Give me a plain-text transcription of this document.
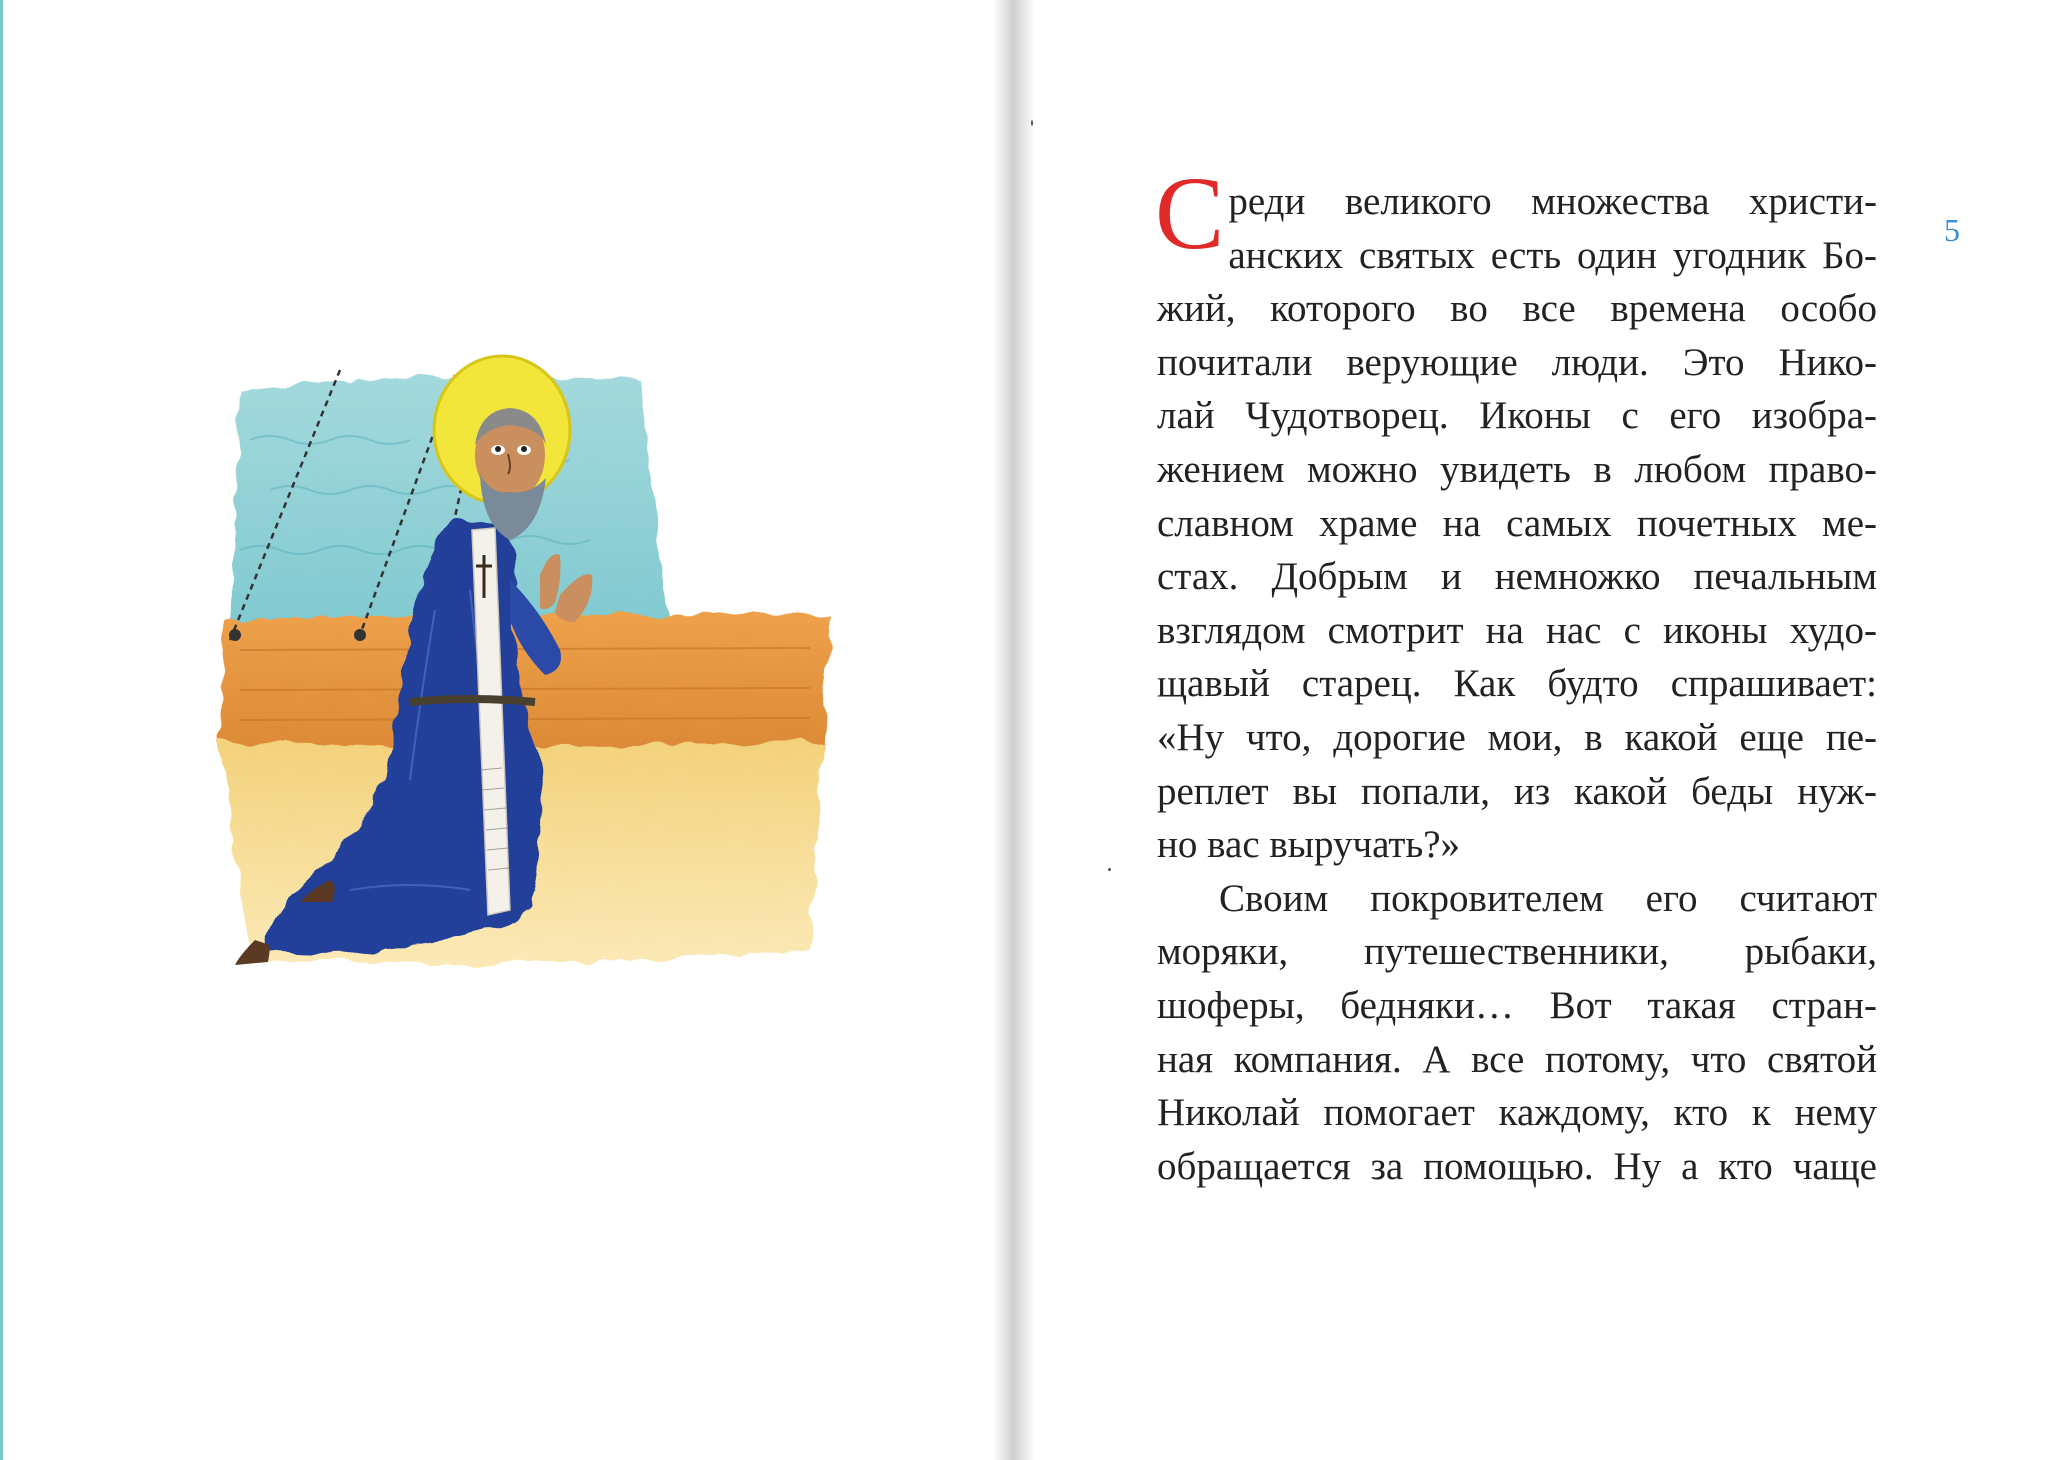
5

С реди великого множества христи-
анских святых есть один угодник Бо-
жий, которого во все времена особо
почитали верующие люди. Это Нико-
лай Чудотворец. Иконы с его изобра-
жением можно увидеть в любом право-
славном храме на самых почетных ме-
стах. Добрым и немножко печальным
взглядом смотрит на нас с иконы худо-
щавый старец. Как будто спрашивает:
«Ну что, дорогие мои, в какой еще пе-
реплет вы попали, из какой беды нуж-
но вас выручать?»

Своим покровителем его считают
моряки, путешественники, рыбаки,
шоферы, бедняки… Вот такая стран-
ная компания. А все потому, что святой
Николай помогает каждому, кто к нему
обращается за помощью. Ну а кто чаще
